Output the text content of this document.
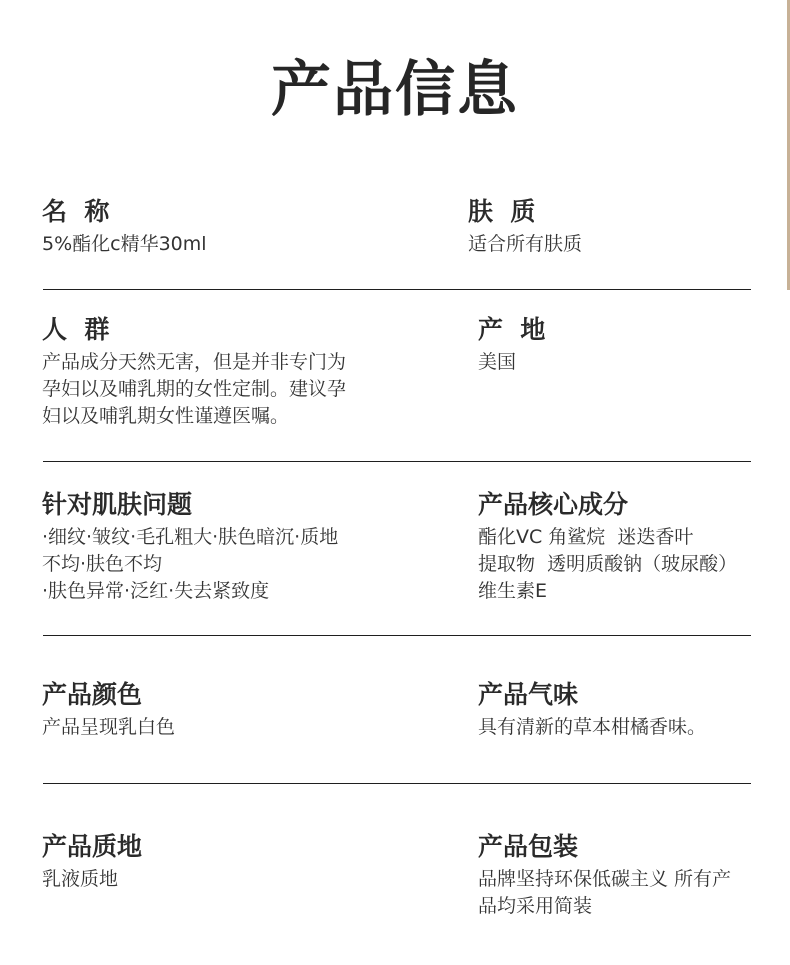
产品信息
名  称
5%酯化c精华30ml
肤  质
适合所有肤质
人  群
产品成分天然无害，但是并非专门为
孕妇以及哺乳期的女性定制。建议孕
妇以及哺乳期女性谨遵医嘱。
产  地
美国
针对肌肤问题
·细纹·皱纹·毛孔粗大·肤色暗沉·质地
不均·肤色不均
·肤色异常·泛红·失去紧致度
产品核心成分
酯化VC 角鲨烷  迷迭香叶
提取物  透明质酸钠（玻尿酸）
维生素E
产品颜色
产品呈现乳白色
产品气味
具有清新的草本柑橘香味。
产品质地
乳液质地
产品包装
品牌坚持环保低碳主义 所有产
品均采用简装
